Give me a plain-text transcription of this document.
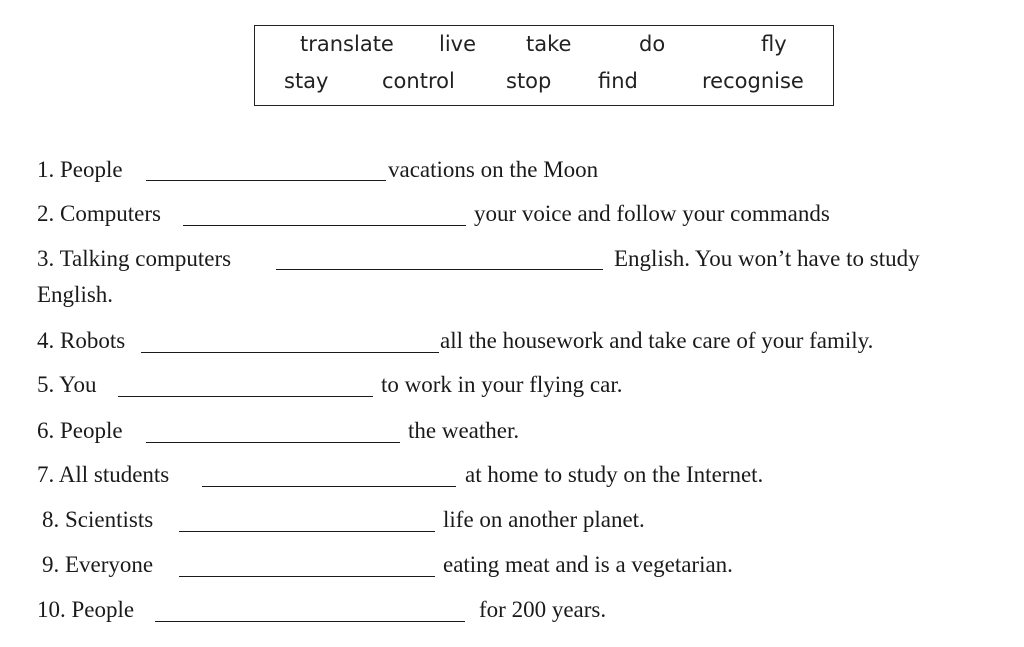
translate live take	do	fly
stay	control stop find	recognise
1. People	vacations on the Moon
2. Computers	your voice and follow your commands
3. Talking computers	English. You won’t have to study
English.
4. Robots	all the housework and take care of your family.
5. You	to work in your flying car.
6. People	the weather.
7. All students	at home to study on the Internet.
8. Scientists	life on another planet.
9. Everyone	eating meat and is a vegetarian.
10. People	for 200 years.
